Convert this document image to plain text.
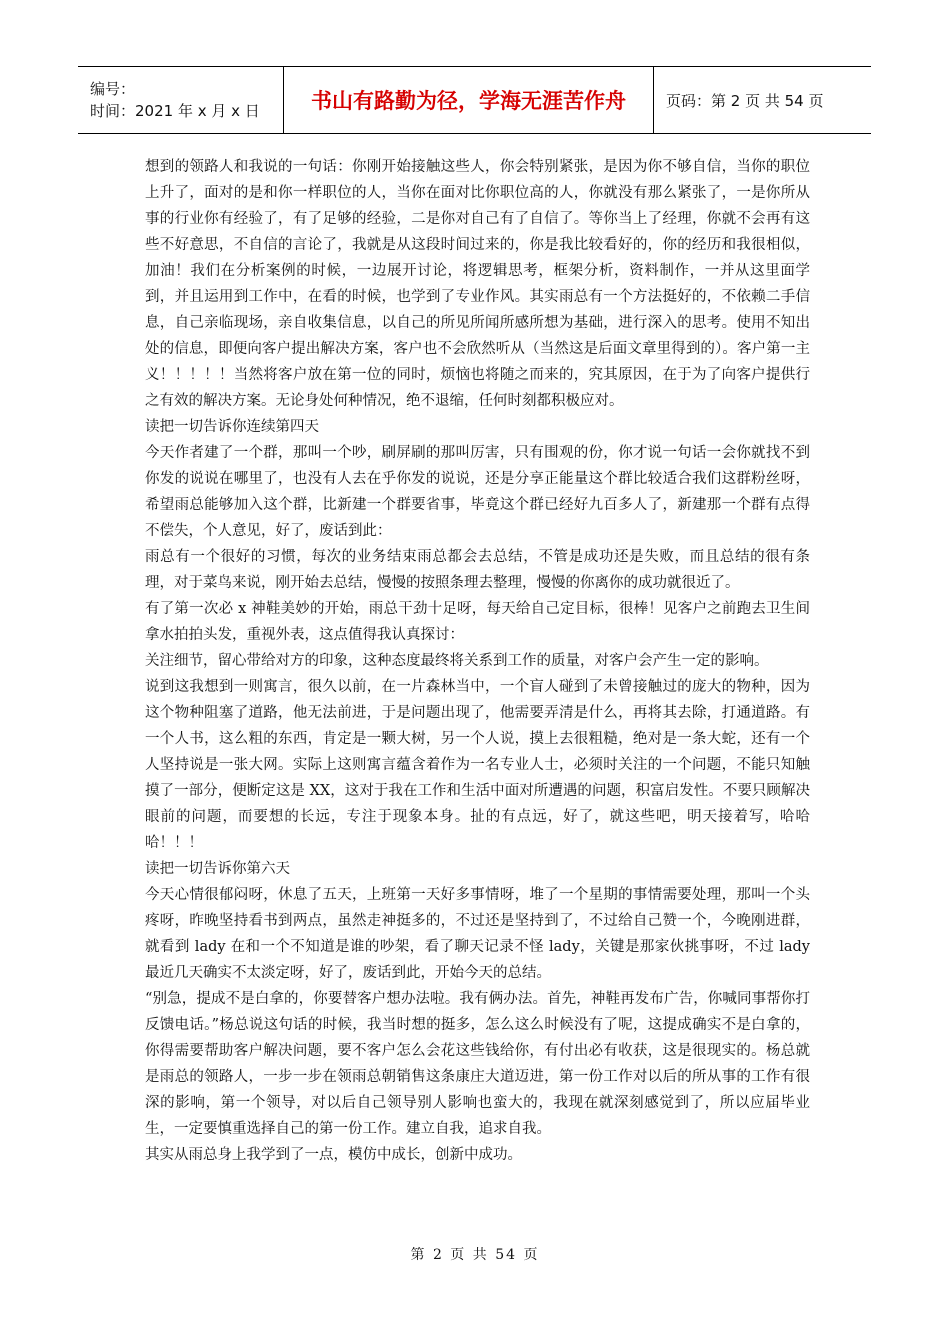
编号：
时间：2021 年 x 月 x 日	书山有路勤为径，学海无涯苦作舟	页码：第 2 页 共 54 页

想到的领路人和我说的一句话：你刚开始接触这些人，你会特别紧张，是因为你不够自信，当你的职位上升了，面对的是和你一样职位的人，当你在面对比你职位高的人，你就没有那么紧张了，一是你所从事的行业你有经验了，有了足够的经验，二是你对自己有了自信了。等你当上了经理，你就不会再有这些不好意思，不自信的言论了，我就是从这段时间过来的，你是我比较看好的，你的经历和我很相似，加油！我们在分析案例的时候，一边展开讨论，将逻辑思考，框架分析，资料制作，一并从这里面学到，并且运用到工作中，在看的时候，也学到了专业作风。其实雨总有一个方法挺好的，不依赖二手信息，自己亲临现场，亲自收集信息，以自己的所见所闻所感所想为基础，进行深入的思考。使用不知出处的信息，即便向客户提出解决方案，客户也不会欣然听从（当然这是后面文章里得到的）。客户第一主义！！！！！当然将客户放在第一位的同时，烦恼也将随之而来的，究其原因，在于为了向客户提供行之有效的解决方案。无论身处何种情况，绝不退缩，任何时刻都积极应对。

读把一切告诉你连续第四天

今天作者建了一个群，那叫一个吵，刷屏刷的那叫厉害，只有围观的份，你才说一句话一会你就找不到你发的说说在哪里了，也没有人去在乎你发的说说，还是分享正能量这个群比较适合我们这群粉丝呀，希望雨总能够加入这个群，比新建一个群要省事，毕竟这个群已经好九百多人了，新建那一个群有点得不偿失，个人意见，好了，废话到此：

雨总有一个很好的习惯，每次的业务结束雨总都会去总结，不管是成功还是失败，而且总结的很有条理，对于菜鸟来说，刚开始去总结，慢慢的按照条理去整理，慢慢的你离你的成功就很近了。

有了第一次必 x 神鞋美妙的开始，雨总干劲十足呀，每天给自己定目标，很棒！见客户之前跑去卫生间拿水拍拍头发，重视外表，这点值得我认真探讨：

关注细节，留心带给对方的印象，这种态度最终将关系到工作的质量，对客户会产生一定的影响。

说到这我想到一则寓言，很久以前，在一片森林当中，一个盲人碰到了未曾接触过的庞大的物种，因为这个物种阻塞了道路，他无法前进，于是问题出现了，他需要弄清是什么，再将其去除，打通道路。有一个人书，这么粗的东西，肯定是一颗大树，另一个人说，摸上去很粗糙，绝对是一条大蛇，还有一个人坚持说是一张大网。实际上这则寓言蕴含着作为一名专业人士，必须时关注的一个问题，不能只知触摸了一部分，便断定这是 XX，这对于我在工作和生活中面对所遭遇的问题，积富启发性。不要只顾解决眼前的问题，而要想的长远，专注于现象本身。扯的有点远，好了，就这些吧，明天接着写，哈哈哈！！！

读把一切告诉你第六天

今天心情很郁闷呀，休息了五天，上班第一天好多事情呀，堆了一个星期的事情需要处理，那叫一个头疼呀，昨晚坚持看书到两点，虽然走神挺多的，不过还是坚持到了，不过给自己赞一个，今晚刚进群，就看到 lady 在和一个不知道是谁的吵架，看了聊天记录不怪 lady，关键是那家伙挑事呀，不过 lady 最近几天确实不太淡定呀，好了，废话到此，开始今天的总结。

“别急，提成不是白拿的，你要替客户想办法啦。我有俩办法。首先，神鞋再发布广告，你喊同事帮你打反馈电话。”杨总说这句话的时候，我当时想的挺多，怎么这么时候没有了呢，这提成确实不是白拿的，你得需要帮助客户解决问题，要不客户怎么会花这些钱给你，有付出必有收获，这是很现实的。杨总就是雨总的领路人，一步一步在领雨总朝销售这条康庄大道迈进，第一份工作对以后的所从事的工作有很深的影响，第一个领导，对以后自己领导别人影响也蛮大的，我现在就深刻感觉到了，所以应届毕业生，一定要慎重选择自己的第一份工作。建立自我，追求自我。

其实从雨总身上我学到了一点，模仿中成长，创新中成功。

第 2 页 共 54 页
